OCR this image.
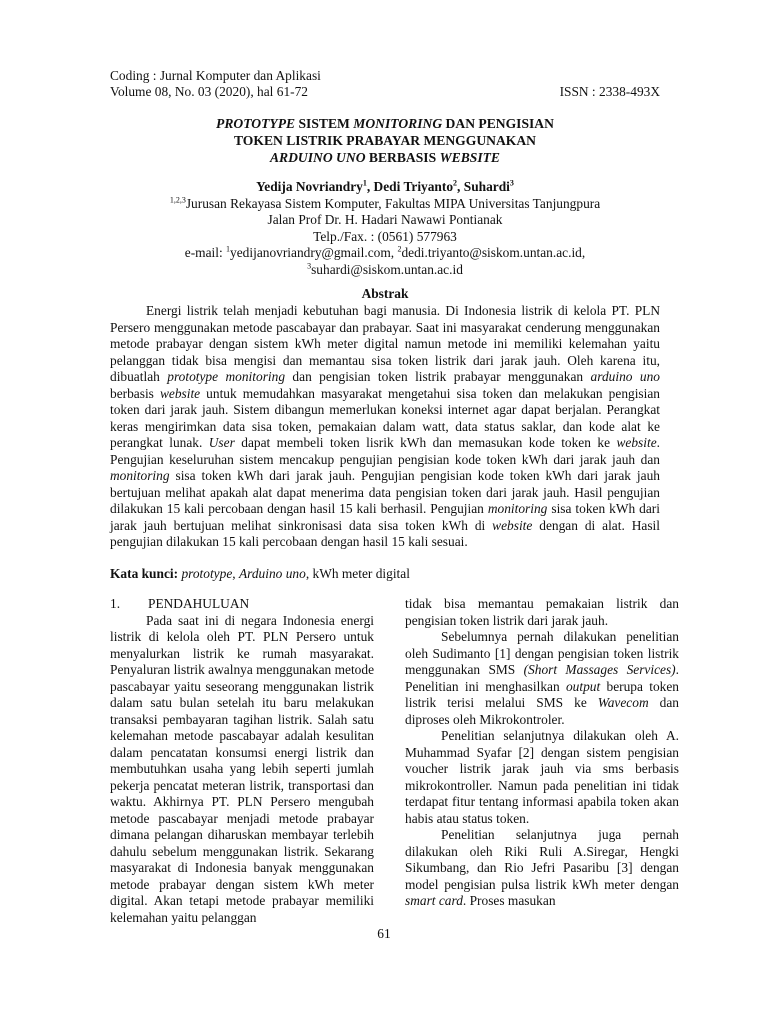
Coding : Jurnal Komputer dan Aplikasi
Volume 08, No. 03 (2020), hal 61-72	ISSN : 2338-493X
PROTOTYPE SISTEM MONITORING DAN PENGISIAN
TOKEN LISTRIK PRABAYAR MENGGUNAKAN
ARDUINO UNO BERBASIS WEBSITE
Yedija Novriandry$^1$, Dedi Triyanto$^2$, Suhardi$^3$
$^{1,2,3}$Jurusan Rekayasa Sistem Komputer, Fakultas MIPA Universitas Tanjungpura
Jalan Prof Dr. H. Hadari Nawawi Pontianak
Telp./Fax. : (0561) 577963
e-mail: $^1$yedijanovriandry@gmail.com, $^2$dedi.triyanto@siskom.untan.ac.id,
$^3$suhardi@siskom.untan.ac.id
Abstrak

Energi listrik telah menjadi kebutuhan bagi manusia. Di Indonesia listrik di kelola PT. PLN Persero menggunakan metode pascabayar dan prabayar. Saat ini masyarakat cenderung menggunakan metode prabayar dengan sistem kWh meter digital namun metode ini memiliki kelemahan yaitu pelanggan tidak bisa mengisi dan memantau sisa token listrik dari jarak jauh. Oleh karena itu, dibuatlah prototype monitoring dan pengisian token listrik prabayar menggunakan arduino uno berbasis website untuk memudahkan masyarakat mengetahui sisa token dan melakukan pengisian token dari jarak jauh. Sistem dibangun memerlukan koneksi internet agar dapat berjalan. Perangkat keras mengirimkan data sisa token, pemakaian dalam watt, data status saklar, dan kode alat ke perangkat lunak. User dapat membeli token lisrik kWh dan memasukan kode token ke website. Pengujian keseluruhan sistem mencakup pengujian pengisian kode token kWh dari jarak jauh dan monitoring sisa token kWh dari jarak jauh. Pengujian pengisian kode token kWh dari jarak jauh bertujuan melihat apakah alat dapat menerima data pengisian token dari jarak jauh. Hasil pengujian dilakukan 15 kali percobaan dengan hasil 15 kali berhasil. Pengujian monitoring sisa token kWh dari jarak jauh bertujuan melihat sinkronisasi data sisa token kWh di website dengan di alat. Hasil pengujian dilakukan 15 kali percobaan dengan hasil 15 kali sesuai.

Kata kunci: prototype, Arduino uno, kWh meter digital
1.	PENDAHULUAN

Pada saat ini di negara Indonesia energi listrik di kelola oleh PT. PLN Persero untuk menyalurkan listrik ke rumah masyarakat. Penyaluran listrik awalnya menggunakan metode pascabayar yaitu seseorang menggunakan listrik dalam satu bulan setelah itu baru melakukan transaksi pembayaran tagihan listrik. Salah satu kelemahan metode pascabayar adalah kesulitan dalam pencatatan konsumsi energi listrik dan membutuhkan usaha yang lebih seperti jumlah pekerja pencatat meteran listrik, transportasi dan waktu. Akhirnya PT. PLN Persero mengubah metode pascabayar menjadi metode prabayar dimana pelangan diharuskan membayar terlebih dahulu sebelum menggunakan listrik. Sekarang masyarakat di Indonesia banyak menggunakan metode prabayar dengan sistem kWh meter digital. Akan tetapi metode prabayar memiliki kelemahan yaitu pelanggan

tidak bisa memantau pemakaian listrik dan pengisian token listrik dari jarak jauh.

Sebelumnya pernah dilakukan penelitian oleh Sudimanto [1] dengan pengisian token listrik menggunakan SMS (Short Massages Services). Penelitian ini menghasilkan output berupa token listrik terisi melalui SMS ke Wavecom dan diproses oleh Mikrokontroler.

Penelitian selanjutnya dilakukan oleh A. Muhammad Syafar [2] dengan sistem pengisian voucher listrik jarak jauh via sms berbasis mikrokontroller. Namun pada penelitian ini tidak terdapat fitur tentang informasi apabila token akan habis atau status token.

Penelitian selanjutnya juga pernah dilakukan oleh Riki Ruli A.Siregar, Hengki Sikumbang, dan Rio Jefri Pasaribu [3] dengan model pengisian pulsa listrik kWh meter dengan smart card. Proses masukan

61
